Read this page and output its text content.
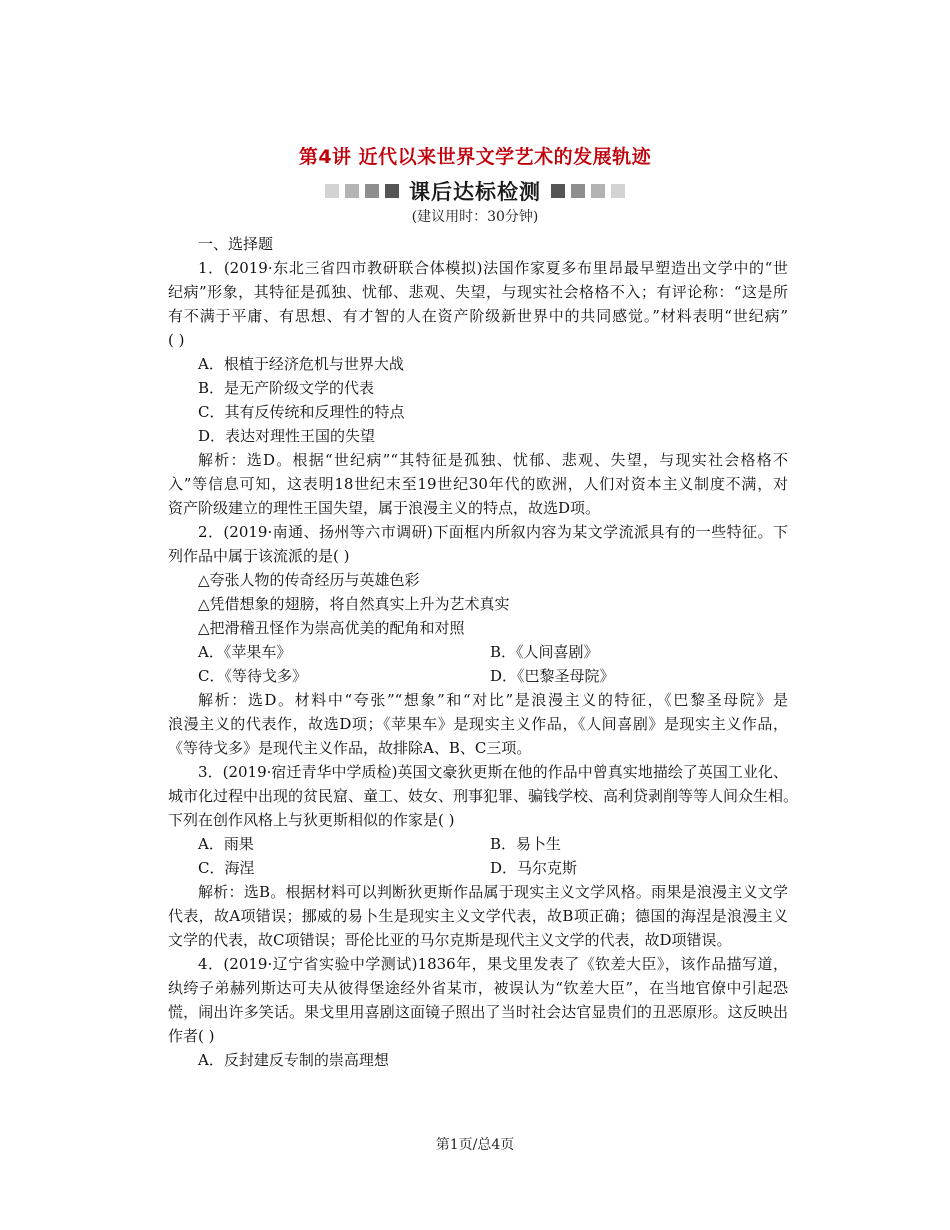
第4讲 近代以来世界文学艺术的发展轨迹
课后达标检测
(建议用时：30分钟)
一、选择题
1．(2019·东北三省四市教研联合体模拟)法国作家夏多布里昂最早塑造出文学中的“世
纪病”形象，其特征是孤独、忧郁、悲观、失望，与现实社会格格不入；有评论称：“这是所
有不满于平庸、有思想、有才智的人在资产阶级新世界中的共同感觉。”材料表明“世纪病”
( )
A．根植于经济危机与世界大战
B．是无产阶级文学的代表
C．其有反传统和反理性的特点
D．表达对理性王国的失望
解析：选D。根据“世纪病”“其特征是孤独、忧郁、悲观、失望，与现实社会格格不
入”等信息可知，这表明18世纪末至19世纪30年代的欧洲，人们对资本主义制度不满，对
资产阶级建立的理性王国失望，属于浪漫主义的特点，故选D项。
2．(2019·南通、扬州等六市调研)下面框内所叙内容为某文学流派具有的一些特征。下
列作品中属于该流派的是( )
△夸张人物的传奇经历与英雄色彩
△凭借想象的翅膀，将自然真实上升为艺术真实
△把滑稽丑怪作为崇高优美的配角和对照
A．《苹果车》	B．《人间喜剧》
C．《等待戈多》	D．《巴黎圣母院》
解析：选D。材料中“夸张”“想象”和“对比”是浪漫主义的特征，《巴黎圣母院》是
浪漫主义的代表作，故选D项；《苹果车》是现实主义作品，《人间喜剧》是现实主义作品，
《等待戈多》是现代主义作品，故排除A、B、C三项。
3．(2019·宿迁青华中学质检)英国文豪狄更斯在他的作品中曾真实地描绘了英国工业化、
城市化过程中出现的贫民窟、童工、妓女、刑事犯罪、骗钱学校、高利贷剥削等等人间众生相。
下列在创作风格上与狄更斯相似的作家是( )
A．雨果	B．易卜生
C．海涅	D．马尔克斯
解析：选B。根据材料可以判断狄更斯作品属于现实主义文学风格。雨果是浪漫主义文学
代表，故A项错误；挪威的易卜生是现实主义文学代表，故B项正确；德国的海涅是浪漫主义
文学的代表，故C项错误；哥伦比亚的马尔克斯是现代主义文学的代表，故D项错误。
4．(2019·辽宁省实验中学测试)1836年，果戈里发表了《钦差大臣》，该作品描写道，
纨绔子弟赫列斯达可夫从彼得堡途经外省某市，被误认为“钦差大臣”，在当地官僚中引起恐
慌，闹出许多笑话。果戈里用喜剧这面镜子照出了当时社会达官显贵们的丑恶原形。这反映出
作者( )
A．反封建反专制的崇高理想
第1页/总4页
